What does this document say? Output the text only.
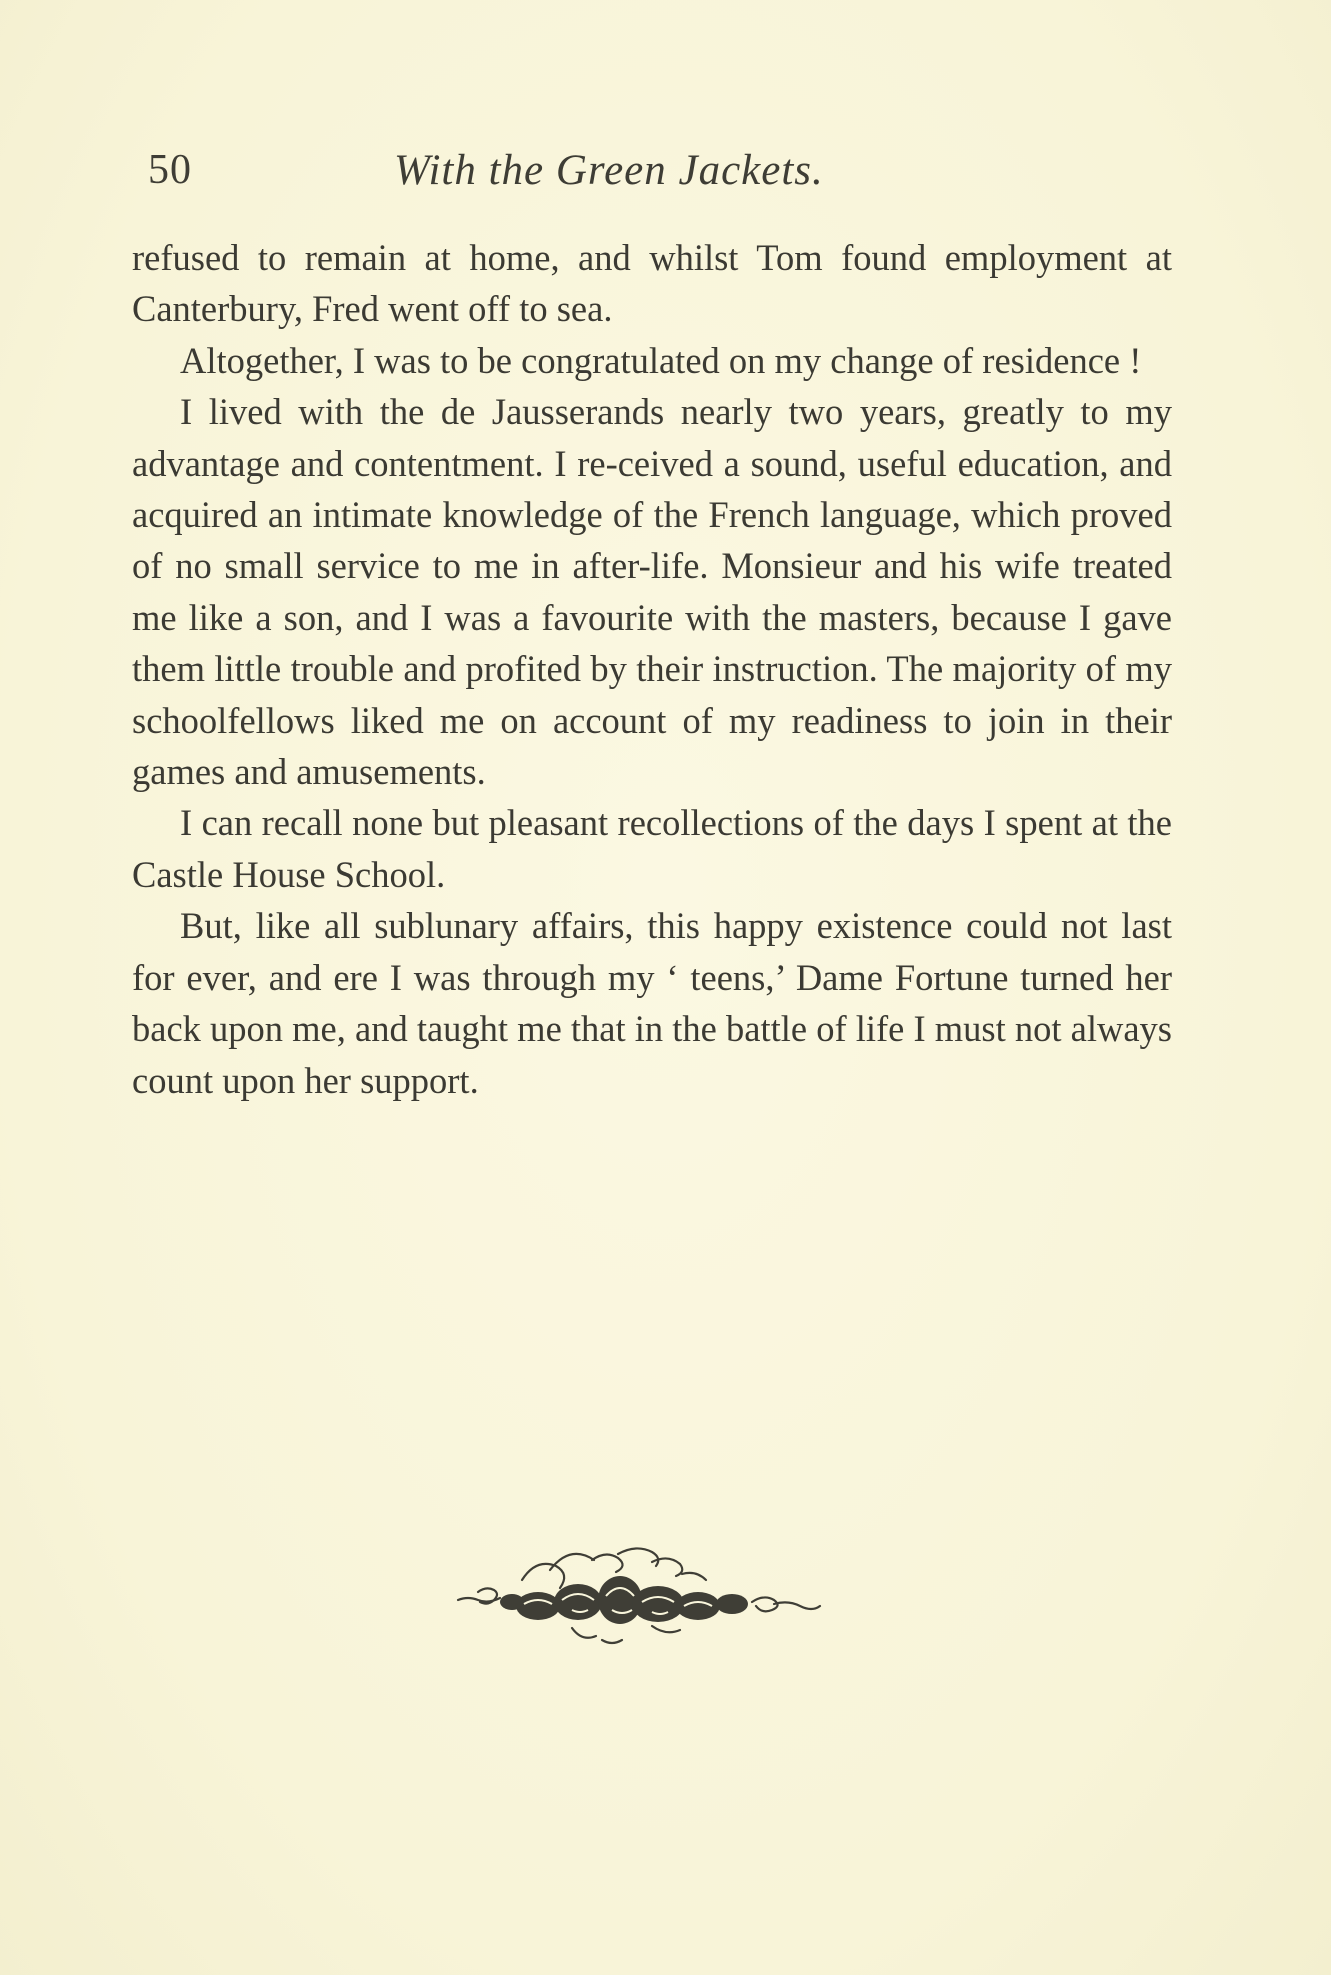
50	With the Green Jackets.

refused to remain at home, and whilst Tom found employment at Canterbury, Fred went off to sea.

Altogether, I was to be congratulated on my change of residence !

I lived with the de Jausserands nearly two years, greatly to my advantage and contentment. I re-ceived a sound, useful education, and acquired an intimate knowledge of the French language, which proved of no small service to me in after-life. Monsieur and his wife treated me like a son, and I was a favourite with the masters, because I gave them little trouble and profited by their instruction. The majority of my schoolfellows liked me on account of my readiness to join in their games and amusements.

I can recall none but pleasant recollections of the days I spent at the Castle House School.

But, like all sublunary affairs, this happy existence could not last for ever, and ere I was through my ‘ teens,’ Dame Fortune turned her back upon me, and taught me that in the battle of life I must not always count upon her support.
